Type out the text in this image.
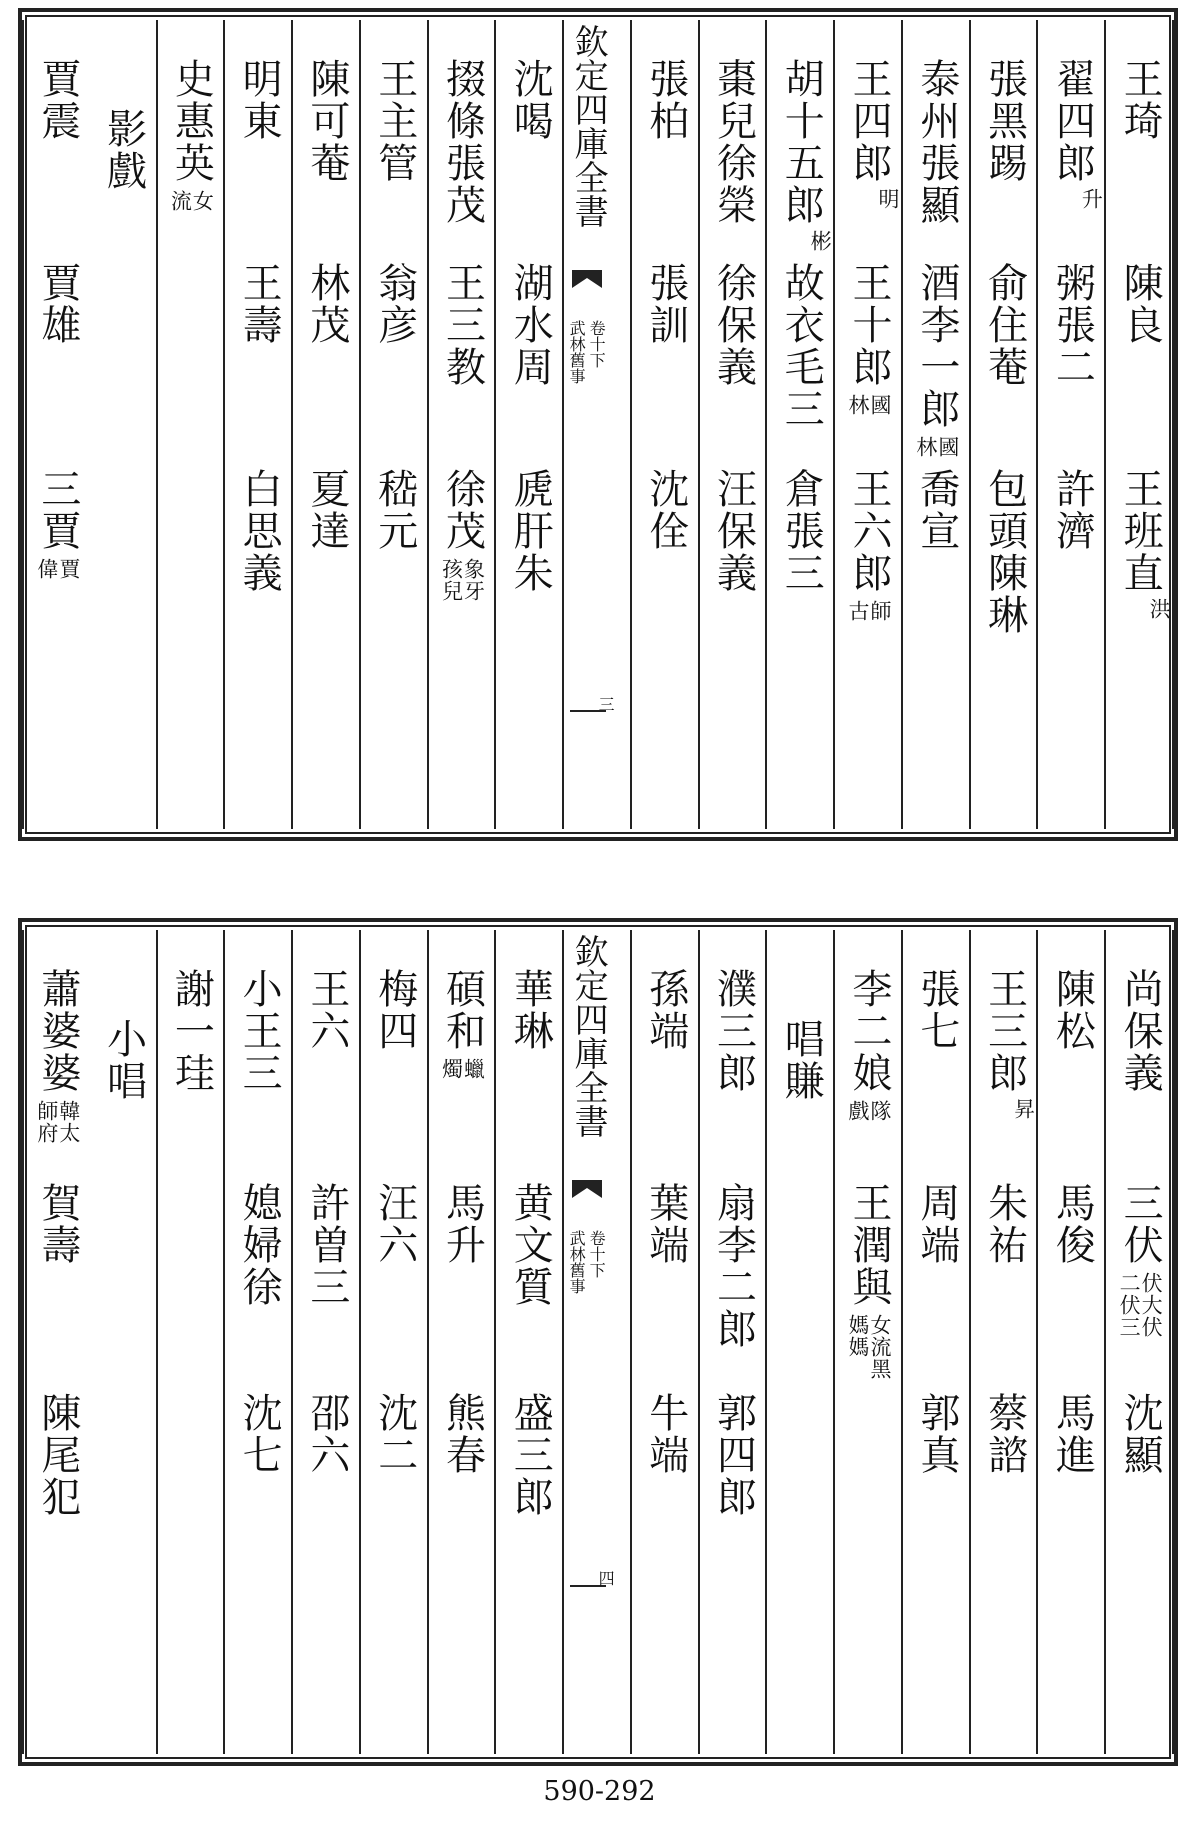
王琦
陳良
王班直
洪
翟四郎
升
粥張二
許濟
張黑踢
俞住菴
包頭陳琳
泰州張顯
酒李一郎
國林
喬宣
王四郎
明
王十郎
國林
王六郎
師古
胡十五郎
彬
故衣毛三
倉張三
棗兒徐榮
徐保義
汪保義
張柏
張訓
沈佺
欽定四庫全書
武林舊事 卷十下
三
沈喝
湖水周
虒肝朱
掇條張茂
王三教
徐茂
象牙孩兒
王主管
翁彦
嵇元
陳可菴
林茂
夏達
明東
王壽
白思義
史惠英
女流
影戲
賈震
賈雄
三賈
賈偉
尚保義
三伏
伏大伏二伏三
沈顯
陳松
馬俊
馬進
王三郎
昇
朱祐
蔡諮
張七
周端
郭真
李二娘
隊戲
王潤與
女流黑媽媽
唱賺
濮三郎
扇李二郎
郭四郎
孫端
葉端
牛端
欽定四庫全書
武林舊事 卷十下
四
華琳
黄文質
盛三郎
碩和
蠟燭
馬升
熊春
梅四
汪六
沈二
王六
許曽三
邵六
小王三
媳婦徐
沈七
謝一珪
小唱
蕭婆婆
韓太師府
賀壽
陳尾犯
590-292
